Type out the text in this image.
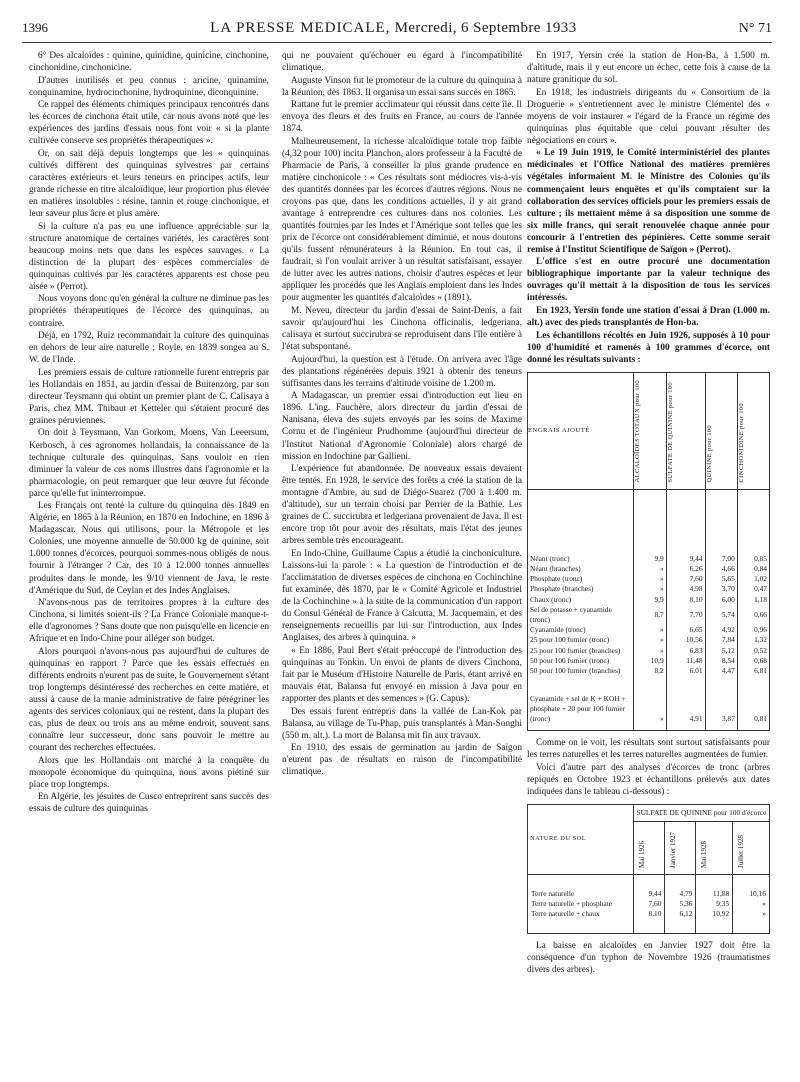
1396	LA PRESSE MEDICALE, Mercredi, 6 Septembre 1933	N° 71

6° Des alcaloïdes : quinine, quinidine, quinicine, cinchonine, cinchonidine, cinchonicine.

D'autres inutilisés et peu connus : aricine, quinamine, conquinamine, hydrocinchonine, hydroquinine, diconquinine.

Ce rappel des éléments chimiques principaux rencontrés dans les écorces de cinchona était utile, car nous avons noté que les expériences des jardins d'essais nous font voir « si la plante cultivée conserve ses propriétés thérapeutiques ».

Or, on sait déjà depuis longtemps que les « quinquinas cultivés diffèrent des quinquinas sylvestres par certains caractères extérieurs et leurs teneurs en principes actifs, leur grande richesse en titre alcaloïdique, leur proportion plus élevée en matières insolubles : résine, tannin et rouge cinchonique, et leur saveur plus âcre et plus amère.

Si la culture n'a pas eu une influence appréciable sur la structure anatomique de certaines variétés, les caractères sont beaucoup moins nets que dans les espèces sauvages. « La distinction de la plupart des espèces commerciales de quinquinas cultivés par les caractères apparents est chose peu aisée » (Perrot).

Nous voyons donc qu'en général la culture ne diminue pas les propriétés thérapeutiques de l'écorce des quinquinas, au contraire.

Déjà, en 1792, Ruiz recommandait la culture des quinquinas en dehors de leur aire naturelle ; Royle, en 1839 songea au S. W. de l'Inde.

Les premiers essais de culture rationnelle furent entrepris par les Hollandais en 1851, au jardin d'essai de Buitenzorg, par son directeur Teysmann qui obtint un premier plant de C. Calisaya à Paris, chez MM. Thibaut et Ketteler qui s'étaient procuré des graines péruviennes.

On doit à Teysmann, Van Gorkom, Moens, Van Leeersum, Kerbosch, à ces agronomes hollandais, la connaissance de la technique culturale des quinquinas. Sans vouloir en rien diminuer la valeur de ces noms illustres dans l'agronomie et la pharmacologie, on peut remarquer que leur œuvre fut féconde parce qu'elle fut ininterrompue.

Les Français ont tenté la culture du quinquina dès 1849 en Algérie, en 1865 à la Réunion, en 1870 en Indochine, en 1896 à Madagascar. Nous qui utilisons, pour la Métropole et les Colonies, une moyenne annuelle de 50.000 kg de quinine, soit 1.000 tonnes d'écorces, pourquoi sommes-nous obligés de nous fournir à l'étranger ? Car, des 10 à 12.000 tonnes annuelles produites dans le monde, les 9/10 viennent de Java, le reste d'Amérique du Sud, de Ceylan et des Indes Anglaises.

N'avons-nous pas de territoires propres à la culture des Cinchona, si limités soient-ils ? La France Coloniale manque-t-elle d'agronomes ? Sans doute que non puisqu'elle en licencie en Afrique et en Indo-Chine pour alléger son budget.

Alors pourquoi n'avons-nous pas aujourd'hui de cultures de quinquinas en rapport ? Parce que les essais effectués en différents endroits n'eurent pas de suite, le Gouvernement s'étant trop longtemps désintéressé des recherches en cette matière, et aussi à cause de la manie administrative de faire pérégriner les agents des services coloniaux qui ne restent, dans la plupart des cas, plus de deux ou trois ans au même endroit, souvent sans connaître leur successeur, donc sans pouvoir le mettre au courant des recherches effectuées.

Alors que les Hollandais ont marché à la conquête du monopole économique du quinquina, nous avons piétiné sur place trop longtemps.

En Algérie, les jésuites de Cusco entreprirent sans succès des essais de culture des quinquinas

qui ne pouvaient qu'échouer eu égard à l'incompatibilité climatique.

Auguste Vinson fut le promoteur de la culture du quinquina à la Réunion, dès 1863. Il organisa un essai sans succès en 1865.

Rattane fut le premier acclimateur qui réussit dans cette île. Il envoya des fleurs et des fruits en France, au cours de l'année 1874.

Malheureusement, la richesse alcaloïdique totale trop faible (4,32 pour 100) incita Planchon, alors professeur à la Faculté de Pharmacie de Paris, à conseiller la plus grande prudence en matière cinchonicole : « Ces résultats sont médiocres vis-à-vis des quantités données par les écorces d'autres régions. Nous ne croyons pas que, dans les conditions actuelles, il y ait grand avantage à entreprendre ces cultures dans nos colonies. Les quantités fournies par les Indes et l'Amérique sont telles que les prix de l'écorce ont considérablement diminué, et nous doutons qu'ils fussent rémunérateurs à la Réunion. En tout cas, il faudrait, si l'on voulait arriver à un résultat satisfaisant, essayer de lutter avec les autres nations, choisir d'autres espèces et leur appliquer les procédés que les Anglais emploient dans les Indes pour augmenter les quantités d'alcaloïdes » (1891).

M. Neveu, directeur du jardin d'essai de Saint-Denis, a fait savoir qu'aujourd'hui les Cinchona officinalis, ledgeriana, calisaya et surtout succirubra se reproduisent dans l'île entière à l'état subspontané.

Aujourd'hui, la question est à l'étude. On arrivera avec l'âge des plantations régénérées depuis 1921 à obtenir des teneurs suffisantes dans les terrains d'altitude voisine de 1.200 m.

A Madagascar, un premier essai d'introduction eut lieu en 1896. L'ing. Fauchère, alors directeur du jardin d'essai de Nanisana, éleva des sujets envoyés par les soins de Maxime Cornu et de l'ingénieur Prudhomme (aujourd'hui directeur de l'Institut National d'Agronomie Coloniale) alors chargé de mission en Indochine par Gallieni.

L'expérience fut abandonnée. De nouveaux essais devaient être tentés. En 1928, le service des forêts a créé la station de la montagne d'Ambre, au sud de Diégo-Suarez (700 à 1.400 m. d'altitude), sur un terrain choisi par Perrier de la Bathie. Les graines de C. succirubra et ledgeriana provenaient de Java. Il est encore trop tôt pour avoir des résultats, mais l'état des jeunes arbres semble très encourageant.

En Indo-Chine, Guillaume Capus a étudié la cinchoniculture. Laissons-lui la parole : « La question de l'introduction et de l'acclimatation de diverses espèces de cinchona en Cochinchine fut examinée, dès 1870, par le « Comité Agricole et Industriel de la Cochinchine » à la suite de la communication d'un rapport du Consul Général de France à Calcutta, M. Jacquemain, et des renseignements recueillis par lui sur l'introduction, aux Indes Anglaises, des arbres à quinquina. »

« En 1886, Paul Bert s'était préoccupé de l'introduction des quinquinas au Tonkin. Un envoi de plants de divers Cinchona, fait par le Muséum d'Histoire Naturelle de Paris, étant arrivé en mauvais état, Balansa fut envoyé en mission à Java pour en rapporter des plants et des semences » (G. Capus).

Des essais furent entrepris dans la vallée de Lan-Kok par Balansa, au village de Tu-Phap, puis transplantés à Man-Songhi (550 m. alt.). La mort de Balansa mit fin aux travaux.

En 1910, des essais de germination au jardin de Saïgon n'eurent pas de résultats en raison de l'incompatibilité climatique.

En 1917, Yersin crée la station de Hon-Ba, à 1.500 m. d'altitude, mais il y eut encore un échec, cette fois à cause de la nature granitique du sol.

En 1918, les industriels dirigeants du « Consortium de la Droguerie » s'entretiennent avec le ministre Clémentel des « moyens de voir instaurer « l'égard de la France un régime des quinquinas plus équitable que celui pouvant résulter des négociations en cours ».

« Le 19 Juin 1919, le Comité interministériel des plantes médicinales et l'Office National des matières premières végétales informaient M. le Ministre des Colonies qu'ils commençaient leurs enquêtes et qu'ils comptaient sur la collaboration des services officiels pour les premiers essais de culture ; ils mettaient même à sa disposition une somme de six mille francs, qui serait renouvelée chaque année pour concourir à l'entretien des pépinières. Cette somme serait remise à l'Institut Scientifique de Saïgon » (Perrot).

L'office s'est en outre procuré une documentation bibliographique importante par la valeur technique des ouvrages qu'il mettait à la disposition de tous les services intéressés.

En 1923, Yersin fonde une station d'essai à Dran (1.000 m. alt.) avec des pieds transplantés de Hon-ba.

Les échantillons récoltés en Juin 1926, supposés à 10 pour 100 d'humidité et ramenés à 100 grammes d'écorce, ont donné les résultats suivants :

ENGRAIS AJOUTÉ	ALCALOÏDES TOTAUX pour 100	SULFATE DE QUININE pour 100	QUININE pour 100	CINCHONIDINE pour 100

Néant (tronc)	9,9	9,44	7,00	0,85
Néant (branches)	»	6,26	4,66	0,84
Phosphate (tronc)	»	7,60	5,65	1,02
Phosphate (branches)	»	4,98	3,70	0,47
Chaux (tronc)	9,9	8,10	6,00	1,18
Sel de potasse + cyanamide (tronc)	8,7	7,70	5,74	0,66
Cyanamide (tronc)	»	6,65	4,92	0,96
25 pour 100 fumier (tronc)	»	10,56	7,84	1,32
25 pour 100 fumier (branches)	»	6,83	5,12	0,52
50 pour 100 fumier (tronc)	10,9	11,48	8,54	0,68
50 pour 100 fumier (branches)	8,2	6,01	4,47	6,81
Cyanamide + sel de K + KOH + phosphate + 20 pour 100 fumier (tronc)	»	4,91	3,87	0,81

Comme on le voit, les résultats sont surtout satisfaisants pour les terres naturelles et les terres naturelles augmentées de fumier.

Voici d'autre part des analyses d'écorces de tronc (arbres repiqués en Octobre 1923 et échantillons prélevés aux dates indiquées dans le tableau ci-dessous) :

NATURE DU SOL	SULFATE DE QUININE pour 100 d'écorce			
	Mai 1926	Janvier 1927	Mai 1928	Juillet 1928

Terre naturelle	9,44	4,79	11,88	10,16
Terre naturelle + phosphate	7,60	5,36	9,35	»
Terre naturelle + chaux	8,10	6,12	10,92	»

La baisse en alcaloïdes en Janvier 1927 doit être la conséquence d'un typhon de Novembre 1926 (traumatismes divers des arbres).
